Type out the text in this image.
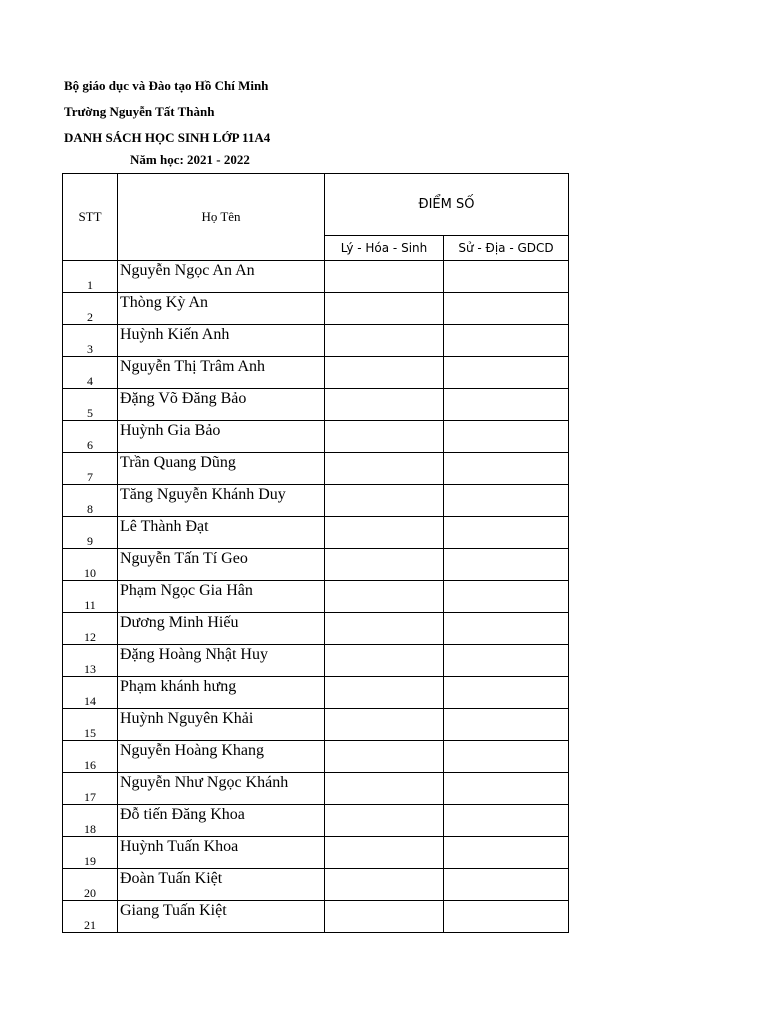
Bộ giáo dục và Đào tạo Hồ Chí Minh
Trường Nguyễn Tất Thành
DANH SÁCH HỌC SINH LỚP 11A4
Năm học: 2021 - 2022
STT	Họ Tên	ĐIỂM SỐ	
		Lý - Hóa - Sinh	Sử - Địa - GDCD
1	Nguyễn Ngọc An An		
2	Thòng Kỳ An		
3	Huỳnh Kiến Anh		
4	Nguyễn Thị Trâm Anh		
5	Đặng Võ Đăng Bảo		
6	Huỳnh Gia Bảo		
7	Trần Quang Dũng		
8	Tăng Nguyễn Khánh Duy		
9	Lê Thành Đạt		
10	Nguyễn Tấn Tí Geo		
11	Phạm Ngọc Gia Hân		
12	Dương Minh Hiếu		
13	Đặng Hoàng Nhật Huy		
14	Phạm khánh hưng		
15	Huỳnh Nguyên Khải		
16	Nguyễn Hoàng Khang		
17	Nguyễn Như Ngọc Khánh		
18	Đỗ tiến Đăng Khoa		
19	Huỳnh Tuấn Khoa		
20	Đoàn Tuấn Kiệt		
21	Giang Tuấn Kiệt		
